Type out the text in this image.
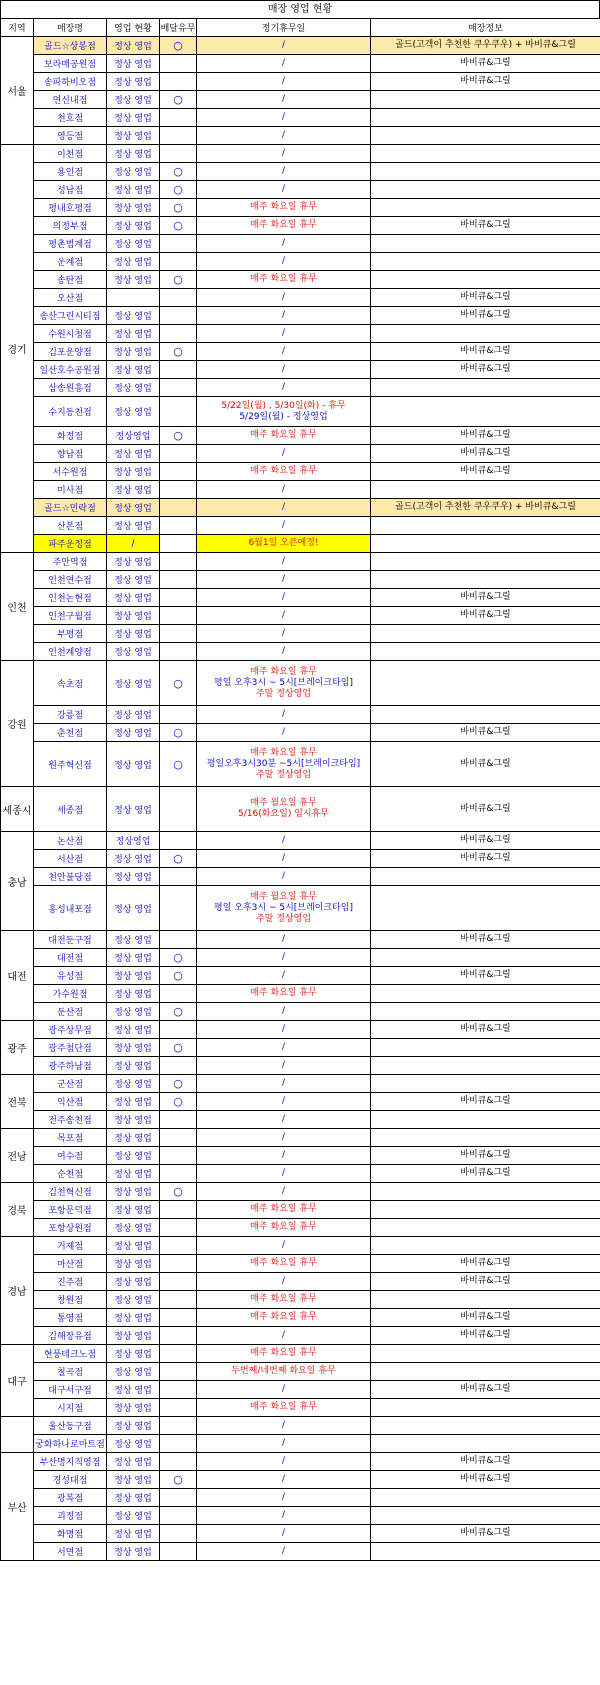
매장 영업 현황
지역	매장명	영업 현황	배달유무	정기휴무일	매장정보
서울	골드☆상봉점	정상 영업	○	/	골드(고객이 추천한 쿠우쿠우) + 바비큐&그릴
	보라매공원점	정상 영업		/	바비큐&그릴
	송파하비오점	정상 영업		/	바비큐&그릴
	연신내점	정상 영업	○	/	

	천호점	정상 영업		/	

	영등점	정상 영업		/	

경기	이천점	정상 영업		/	

	용인점	정상 영업	○	/	

	성남점	정상 영업	○	/	

	평내호평점	정상 영업	○	매주 화요일 휴무	

	의정부점	정상 영업	○	매주 화요일 휴무	바비큐&그릴
	평촌범계점	정상 영업		/	

	운계점	정상 영업		/	

	송탄점	정상 영업	○	매주 화요일 휴무	

	오산점			/	바비큐&그릴
	송산그린시티점	정상 영업		/	바비큐&그릴
	수원시청점	정상 영업		/	

	김포운양점	정상 영업	○	/	바비큐&그릴
	일산호수공원점	정상 영업		/	바비큐&그릴
	삼송원흥점	정상 영업		/	

	수지동천점	정상 영업		5/22일(월) , 5/30일(화) - 휴무
5/29일(월) - 정상영업	

	화정점	정상영업	○	매주 화요일 휴무	바비큐&그릴
	향남점	정상 영업		/	바비큐&그릴
	서수원점	정상 영업		매주 화요일 휴무	바비큐&그릴
	미사점	정상 영업		/	

	골드☆민락점	정상 영업		/	골드(고객이 추천한 쿠우쿠우) + 바비큐&그릴
	산본점	정상 영업		/	

	파주운정점	/		6월1일 오픈예정!	

인천	주안역점	정상 영업		/	

	인천연수점	정상 영업		/	

	인천논현점	정상 영업		/	바비큐&그릴
	인천구월점	정상 영업		/	바비큐&그릴
	부평점	정상 영업		/	

	인천계양점	정상 영업		/	

강원	속초점	정상 영업	○	매주 화요일 휴무
평일 오후3시 ~ 5시[브레이크타임]
주말 정상영업	

	강릉점	정상 영업		/	

	춘천점	정상 영업	○	/	바비큐&그릴
	원주혁신점	정상 영업	○	매주 화요일 휴무
평일오후3시30분 ~5시[브레이크타임]
주말 정상영업	바비큐&그릴
세종시	세종점	정상 영업		매주 월요일 휴무
5/16(화요일) 임시휴무	바비큐&그릴
충남	논산점	정상영업		/	바비큐&그릴
	서산점	정상 영업	○	/	바비큐&그릴
	천안불당점	정상 영업		/	

	홍성내포점	정상 영업		매주 월요일 휴무
평일 오후3시 ~ 5시[브레이크타임]
주말 정상영업	

대전	대전둔구점	정상 영업		/	바비큐&그릴
	대전점	정상 영업	○	/	

	유성점	정상 영업	○	/	바비큐&그릴
	가수원점	정상 영업		매주 화요일 휴무	

	둔산점	정상 영업	○	/	

광주	광주상무점	정상 영업		/	바비큐&그릴
	광주첨단점	정상 영업	○	/	

	광주하남점	정상 영업		/	

전북	군산점	정상 영업	○	/	

	익산점	정상 영업	○	/	바비큐&그릴
	전주송천점	정상 영업		/	

전남	목포점	정상 영업		/	

	여수점	정상 영업		/	바비큐&그릴
	순천점	정상 영업		/	바비큐&그릴
경북	김천혁신점	정상 영업	○	/	

	포항문덕점	정상 영업		매주 화요일 휴무	

	포항상원점	정상 영업		매주 화요일 휴무	

경남	거제점	정상 영업		/	

	마산점	정상 영업		매주 화요일 휴무	바비큐&그릴
	진주점	정상 영업		/	바비큐&그릴
	창원점	정상 영업		매주 화요일 휴무	

	통영점	정상 영업		매주 화요일 휴무	바비큐&그릴
	김해장유점	정상 영업		/	바비큐&그릴
대구	현풍테크노점	정상 영업		매주 화요일 휴무	

	칠곡점	정상 영업		두번째/네번째 화요일 휴무	

	대구서구점	정상 영업		/	바비큐&그릴
	시지점	정상 영업		매주 화요일 휴무	

	울산동구점	정상 영업		/	

	궁화하나로마트점	정상 영업		/	

부산	부산명지직영점	정상 영업		/	바비큐&그릴
	경성대점	정상 영업	○	/	바비큐&그릴
	광복점	정상 영업		/	

	괴정점	정상 영업		/	

	화명점	정상 영업		/	바비큐&그릴
	서면점	정상 영업		/	
